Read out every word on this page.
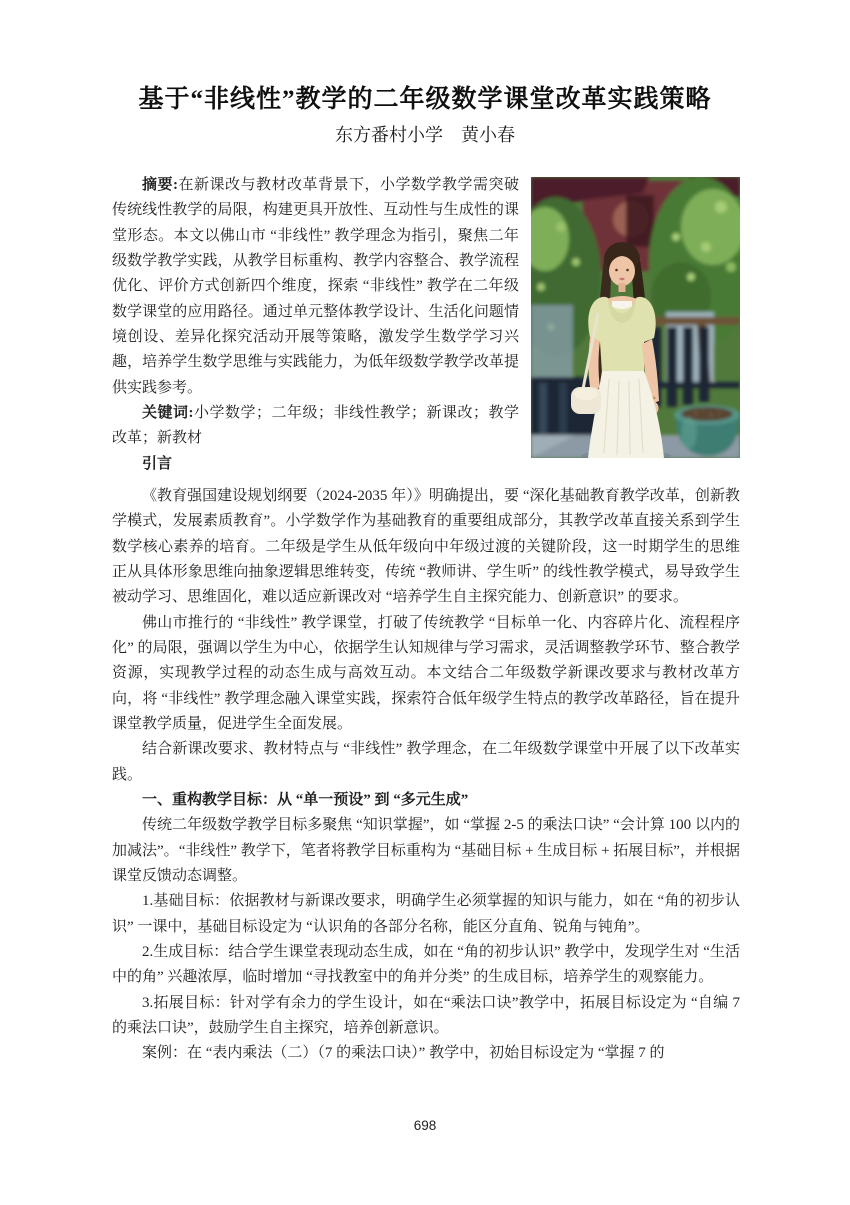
基于“非线性”教学的二年级数学课堂改革实践策略
东方番村小学　黄小春

摘要:在新课改与教材改革背景下，小学数学教学需突破传统线性教学的局限，构建更具开放性、互动性与生成性的课堂形态。本文以佛山市 “非线性” 教学理念为指引，聚焦二年级数学教学实践，从教学目标重构、教学内容整合、教学流程优化、评价方式创新四个维度，探索 “非线性” 教学在二年级数学课堂的应用路径。通过单元整体教学设计、生活化问题情境创设、差异化探究活动开展等策略，激发学生数学学习兴趣，培养学生数学思维与实践能力，为低年级数学教学改革提供实践参考。

关键词:小学数学；二年级；非线性教学；新课改；教学改革；新教材

引言

《教育强国建设规划纲要（2024-2035 年）》明确提出，要 “深化基础教育教学改革，创新教学模式，发展素质教育”。小学数学作为基础教育的重要组成部分，其教学改革直接关系到学生数学核心素养的培育。二年级是学生从低年级向中年级过渡的关键阶段，这一时期学生的思维正从具体形象思维向抽象逻辑思维转变，传统 “教师讲、学生听” 的线性教学模式，易导致学生被动学习、思维固化，难以适应新课改对 “培养学生自主探究能力、创新意识” 的要求。

佛山市推行的 “非线性” 教学课堂，打破了传统教学 “目标单一化、内容碎片化、流程程序化” 的局限，强调以学生为中心，依据学生认知规律与学习需求，灵活调整教学环节、整合教学资源，实现教学过程的动态生成与高效互动。本文结合二年级数学新课改要求与教材改革方向，将 “非线性” 教学理念融入课堂实践，探索符合低年级学生特点的教学改革路径，旨在提升课堂教学质量，促进学生全面发展。

结合新课改要求、教材特点与 “非线性” 教学理念，在二年级数学课堂中开展了以下改革实践。

一、重构教学目标：从 “单一预设” 到 “多元生成”

传统二年级数学教学目标多聚焦 “知识掌握”，如 “掌握 2-5 的乘法口诀” “会计算 100 以内的加减法”。“非线性” 教学下，笔者将教学目标重构为 “基础目标 + 生成目标 + 拓展目标”，并根据课堂反馈动态调整。

1.基础目标：依据教材与新课改要求，明确学生必须掌握的知识与能力，如在 “角的初步认识” 一课中，基础目标设定为 “认识角的各部分名称，能区分直角、锐角与钝角”。

2.生成目标：结合学生课堂表现动态生成，如在 “角的初步认识” 教学中，发现学生对 “生活中的角” 兴趣浓厚，临时增加 “寻找教室中的角并分类” 的生成目标，培养学生的观察能力。

3.拓展目标：针对学有余力的学生设计，如在“乘法口诀”教学中，拓展目标设定为 “自编 7 的乘法口诀”，鼓励学生自主探究，培养创新意识。

案例：在 “表内乘法（二）（7 的乘法口诀）” 教学中，初始目标设定为 “掌握 7 的

698
